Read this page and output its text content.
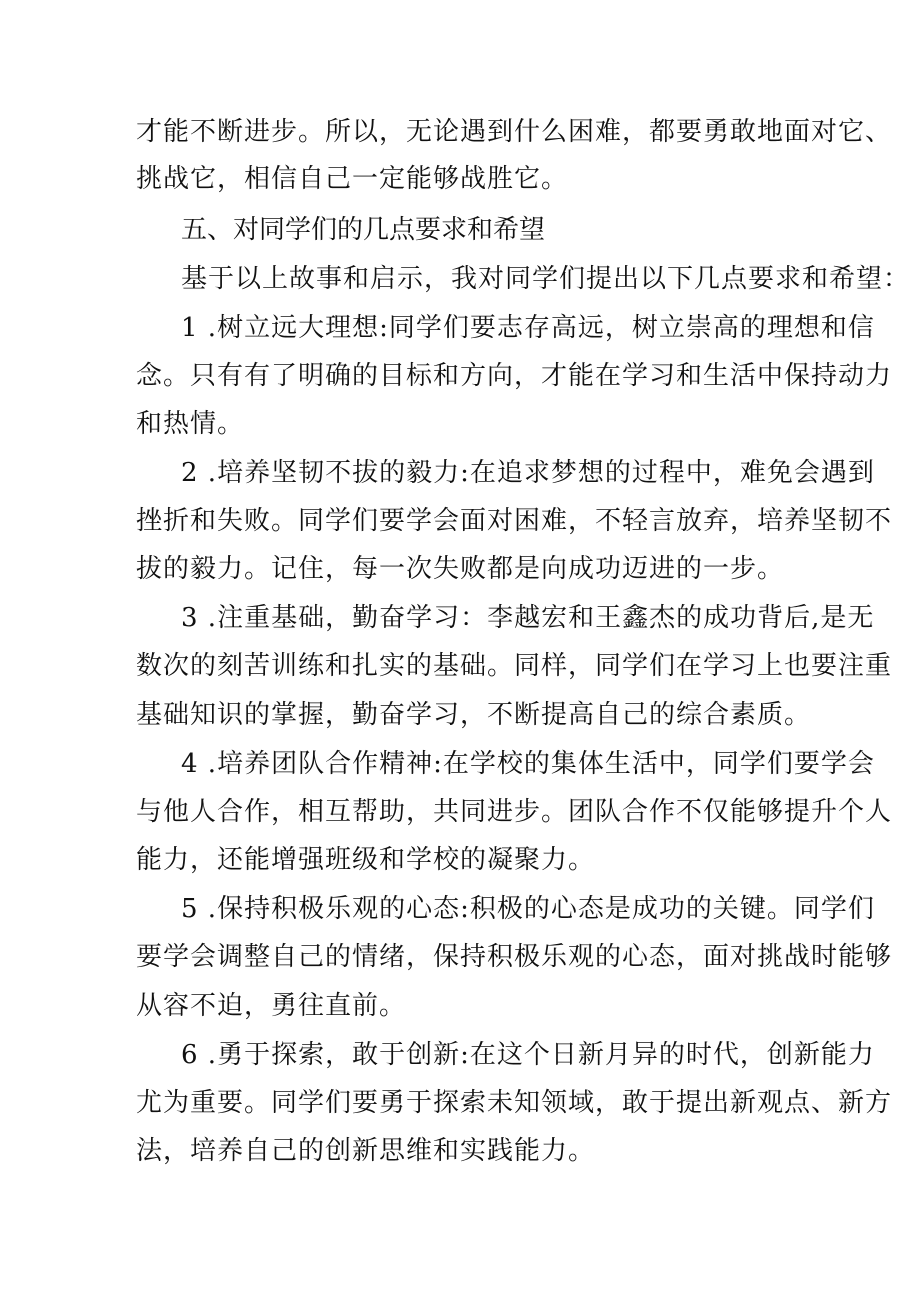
才能不断进步。所以，无论遇到什么困难，都要勇敢地面对它、
挑战它，相信自己一定能够战胜它。
五、对同学们的几点要求和希望
基于以上故事和启示，我对同学们提出以下几点要求和希望：
1 .树立远大理想:同学们要志存高远，树立崇高的理想和信
念。只有有了明确的目标和方向，才能在学习和生活中保持动力
和热情。
2 .培养坚韧不拔的毅力:在追求梦想的过程中，难免会遇到
挫折和失败。同学们要学会面对困难，不轻言放弃，培养坚韧不
拔的毅力。记住，每一次失败都是向成功迈进的一步。
3 .注重基础，勤奋学习：李越宏和王鑫杰的成功背后,是无
数次的刻苦训练和扎实的基础。同样，同学们在学习上也要注重
基础知识的掌握，勤奋学习，不断提高自己的综合素质。
4 .培养团队合作精神:在学校的集体生活中，同学们要学会
与他人合作，相互帮助，共同进步。团队合作不仅能够提升个人
能力，还能增强班级和学校的凝聚力。
5 .保持积极乐观的心态:积极的心态是成功的关键。同学们
要学会调整自己的情绪，保持积极乐观的心态，面对挑战时能够
从容不迫，勇往直前。
6 .勇于探索，敢于创新:在这个日新月异的时代，创新能力
尤为重要。同学们要勇于探索未知领域，敢于提出新观点、新方
法，培养自己的创新思维和实践能力。
